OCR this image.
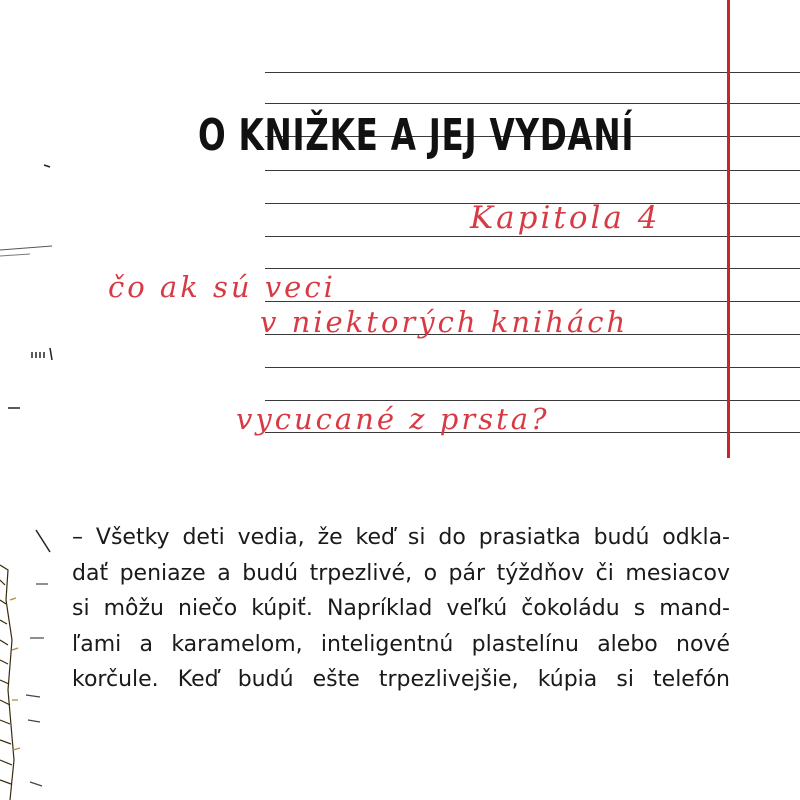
O KNIŽKE A JEJ VYDANÍ
Kapitola 4
čo ak sú veci
v niektorých knihách
vycucané z prsta?
– Všetky deti vedia, že keď si do prasiatka budú odkla-
dať peniaze a budú trpezlivé, o pár týždňov či mesiacov
si môžu niečo kúpiť. Napríklad veľkú čokoládu s mand-
ľami a karamelom, inteligentnú plastelínu alebo nové
korčule. Keď budú ešte trpezlivejšie, kúpia si telefón
